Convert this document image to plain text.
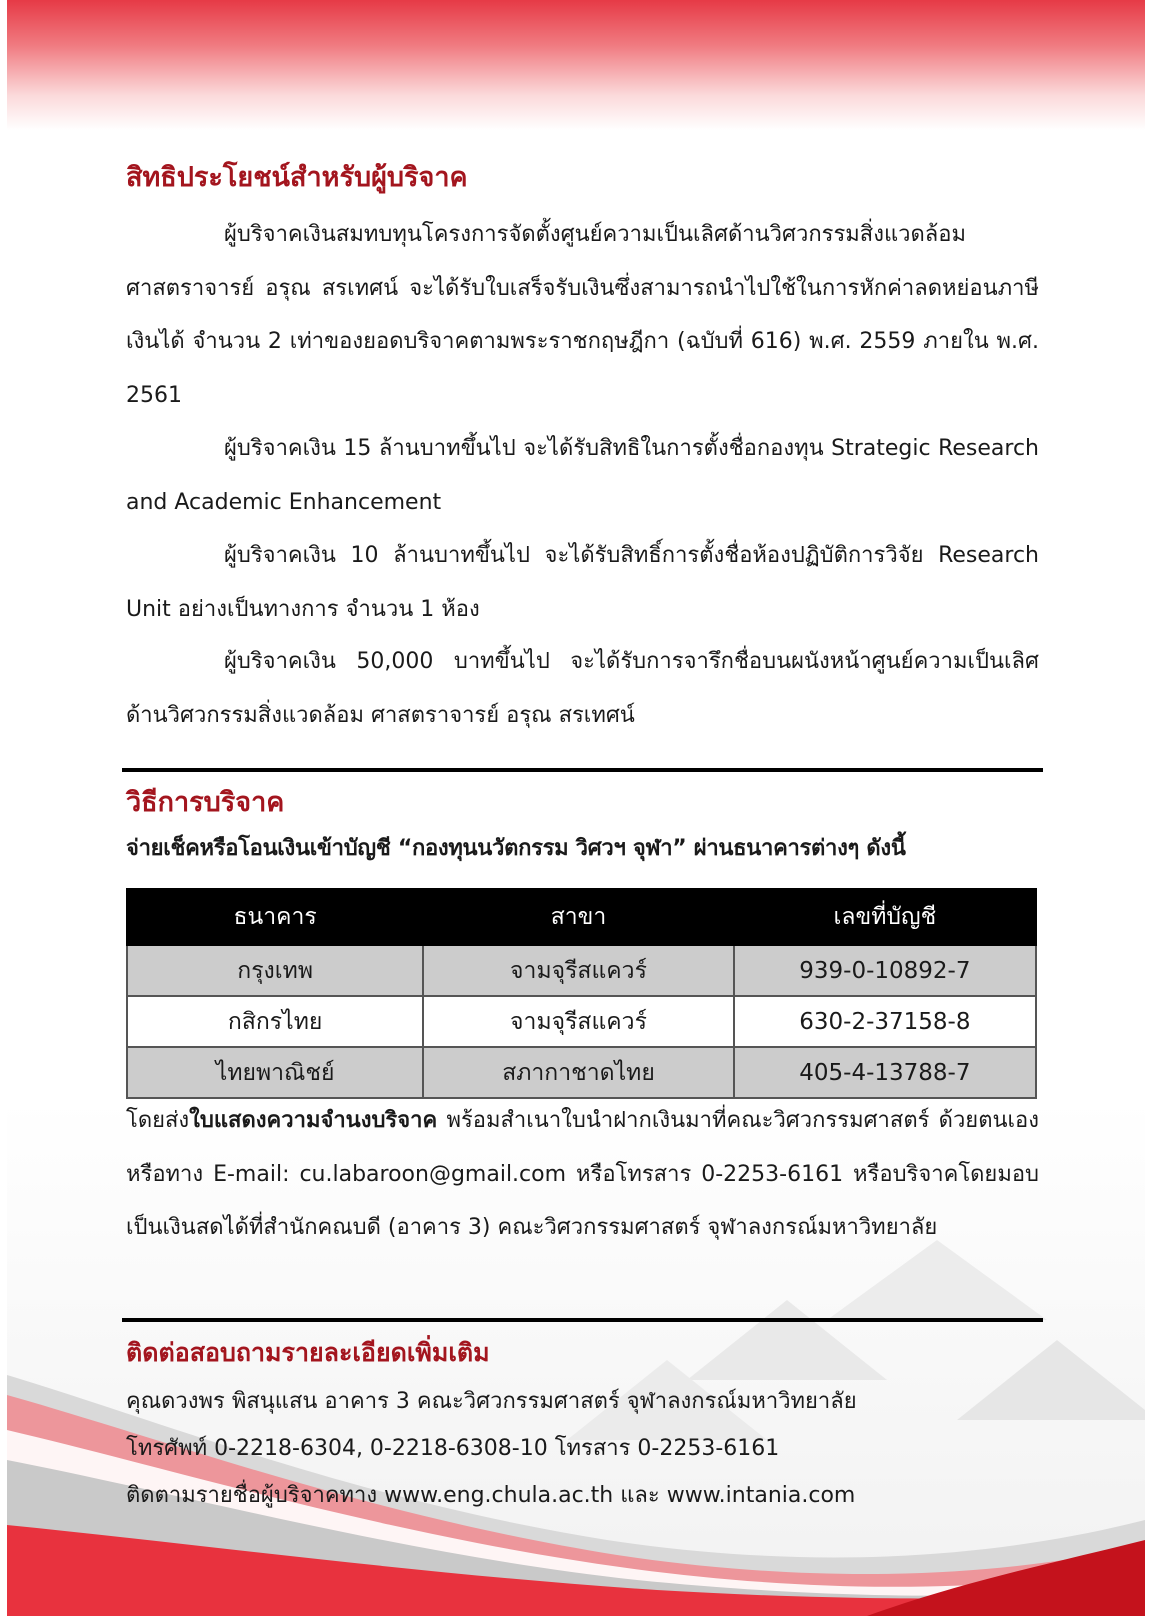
สิทธิประโยชน์สำหรับผู้บริจาค

ผู้บริจาคเงินสมทบทุนโครงการจัดตั้งศูนย์ความเป็นเลิศด้านวิศวกรรมสิ่งแวดล้อม ศาสตราจารย์ อรุณ สรเทศน์ จะได้รับใบเสร็จรับเงินซึ่งสามารถนำไปใช้ในการหักค่าลดหย่อนภาษีเงินได้ จำนวน 2 เท่าของยอดบริจาคตามพระราชกฤษฎีกา (ฉบับที่ 616) พ.ศ. 2559 ภายใน พ.ศ. 2561

ผู้บริจาคเงิน 15 ล้านบาทขึ้นไป จะได้รับสิทธิในการตั้งชื่อกองทุน Strategic Research and Academic Enhancement

ผู้บริจาคเงิน 10 ล้านบาทขึ้นไป จะได้รับสิทธิ์การตั้งชื่อห้องปฏิบัติการวิจัย Research Unit อย่างเป็นทางการ จำนวน 1 ห้อง

ผู้บริจาคเงิน 50,000 บาทขึ้นไป จะได้รับการจารึกชื่อบนผนังหน้าศูนย์ความเป็นเลิศด้านวิศวกรรมสิ่งแวดล้อม ศาสตราจารย์ อรุณ สรเทศน์

วิธีการบริจาค
จ่ายเช็คหรือโอนเงินเข้าบัญชี “กองทุนนวัตกรรม วิศวฯ จุฬา” ผ่านธนาคารต่างๆ ดังนี้
ธนาคาร	สาขา	เลขที่บัญชี
กรุงเทพ	จามจุรีสแควร์	939-0-10892-7
กสิกรไทย	จามจุรีสแควร์	630-2-37158-8
ไทยพาณิชย์	สภากาชาดไทย	405-4-13788-7

โดยส่งใบแสดงความจำนงบริจาค พร้อมสำเนาใบนำฝากเงินมาที่คณะวิศวกรรมศาสตร์ ด้วยตนเอง หรือทาง E-mail: cu.labaroon@gmail.com หรือโทรสาร 0-2253-6161 หรือบริจาคโดยมอบเป็นเงินสดได้ที่สำนักคณบดี (อาคาร 3) คณะวิศวกรรมศาสตร์ จุฬาลงกรณ์มหาวิทยาลัย

ติดต่อสอบถามรายละเอียดเพิ่มเติม
คุณดวงพร พิสนุแสน อาคาร 3 คณะวิศวกรรมศาสตร์ จุฬาลงกรณ์มหาวิทยาลัย
โทรศัพท์ 0-2218-6304, 0-2218-6308-10 โทรสาร 0-2253-6161
ติดตามรายชื่อผู้บริจาคทาง www.eng.chula.ac.th และ www.intania.com
